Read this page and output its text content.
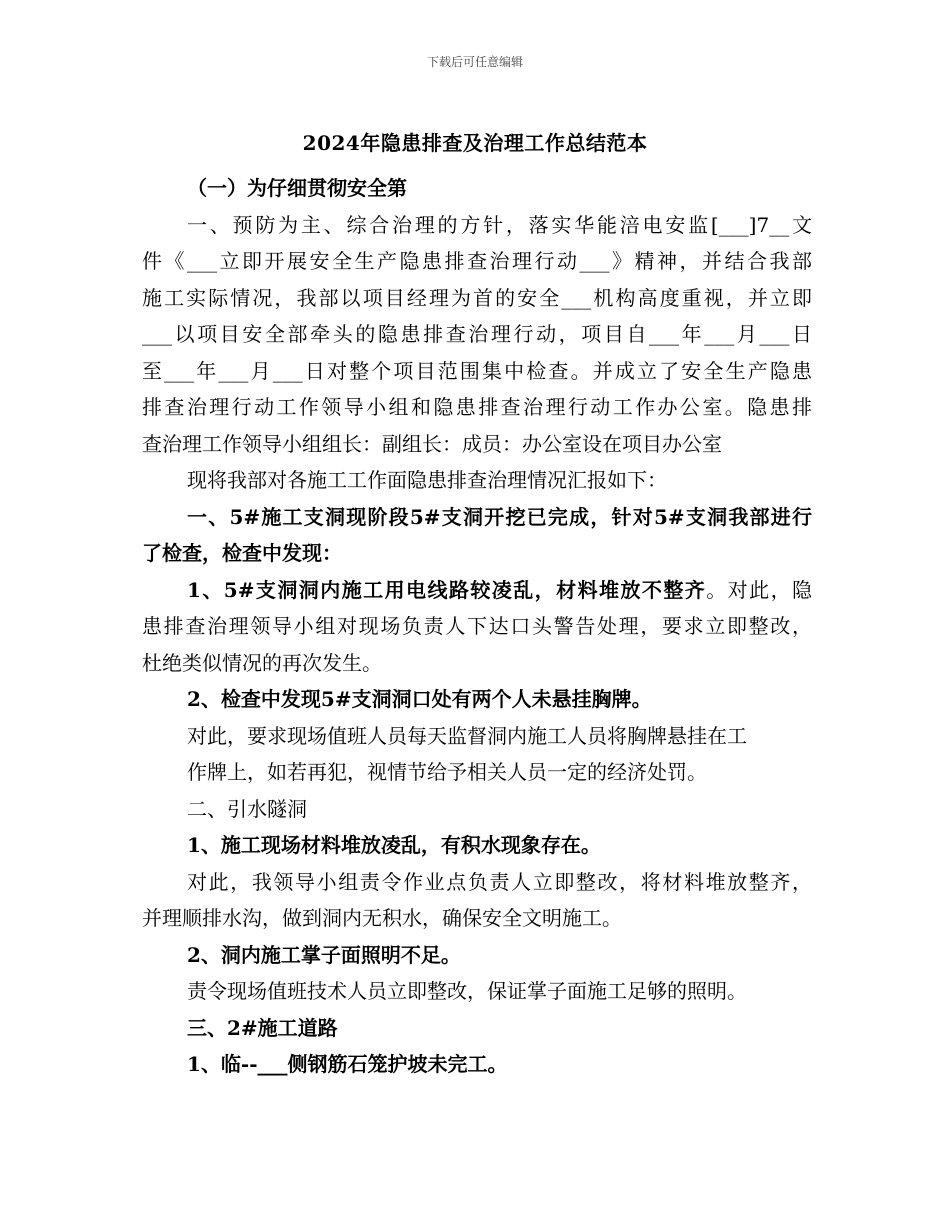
下载后可任意编辑
2024年隐患排查及治理工作总结范本
（一）为仔细贯彻安全第
一、预防为主、综合治理的方针，落实华能涪电安监[___]7__文
件《___立即开展安全生产隐患排查治理行动___》精神，并结合我部
施工实际情况，我部以项目经理为首的安全___机构高度重视，并立即
___以项目安全部牵头的隐患排查治理行动，项目自___年___月___日
至___年___月___日对整个项目范围集中检查。并成立了安全生产隐患
排查治理行动工作领导小组和隐患排查治理行动工作办公室。隐患排
查治理工作领导小组组长：副组长：成员：办公室设在项目办公室
现将我部对各施工工作面隐患排查治理情况汇报如下：
一、5#施工支洞现阶段5#支洞开挖已完成，针对5#支洞我部进行
了检查，检查中发现：
1、5#支洞洞内施工用电线路较凌乱，材料堆放不整齐。对此，隐
患排查治理领导小组对现场负责人下达口头警告处理，要求立即整改，
杜绝类似情况的再次发生。
2、检查中发现5#支洞洞口处有两个人未悬挂胸牌。
对此，要求现场值班人员每天监督洞内施工人员将胸牌悬挂在工
作牌上，如若再犯，视情节给予相关人员一定的经济处罚。
二、引水隧洞
1、施工现场材料堆放凌乱，有积水现象存在。
对此，我领导小组责令作业点负责人立即整改，将材料堆放整齐，
并理顺排水沟，做到洞内无积水，确保安全文明施工。
2、洞内施工掌子面照明不足。
责令现场值班技术人员立即整改，保证掌子面施工足够的照明。
三、2#施工道路
1、临--___侧钢筋石笼护坡未完工。
